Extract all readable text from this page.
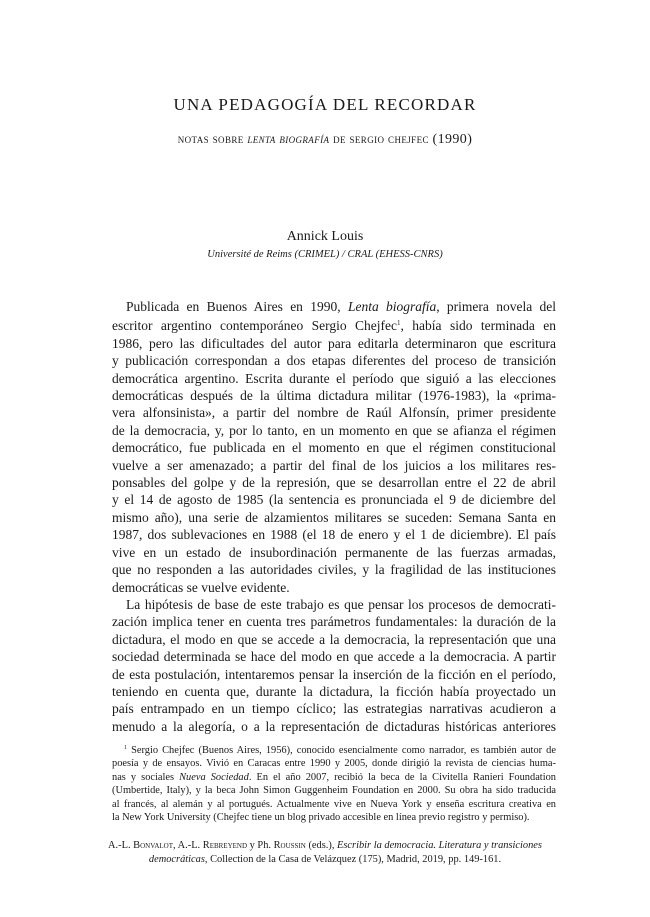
UNA PEDAGOGÍA DEL RECORDAR
notas sobre lenta biografía de sergio chejfec (1990)
Annick Louis
Université de Reims (CRIMEL) / CRAL (EHESS-CNRS)
Publicada en Buenos Aires en 1990, Lenta biografía, primera novela del
escritor argentino contemporáneo Sergio Chejfec$^1$, había sido terminada en
1986, pero las dificultades del autor para editarla determinaron que escritura
y publicación correspondan a dos etapas diferentes del proceso de transición
democrática argentino. Escrita durante el período que siguió a las elecciones
democráticas después de la última dictadura militar (1976-1983), la «prima-
vera alfonsinista», a partir del nombre de Raúl Alfonsín, primer presidente
de la democracia, y, por lo tanto, en un momento en que se afianza el régimen
democrático, fue publicada en el momento en que el régimen constitucional
vuelve a ser amenazado; a partir del final de los juicios a los militares res-
ponsables del golpe y de la represión, que se desarrollan entre el 22 de abril
y el 14 de agosto de 1985 (la sentencia es pronunciada el 9 de diciembre del
mismo año), una serie de alzamientos militares se suceden: Semana Santa en
1987, dos sublevaciones en 1988 (el 18 de enero y el 1 de diciembre). El país
vive en un estado de insubordinación permanente de las fuerzas armadas,
que no responden a las autoridades civiles, y la fragilidad de las instituciones
democráticas se vuelve evidente.
La hipótesis de base de este trabajo es que pensar los procesos de democrati-
zación implica tener en cuenta tres parámetros fundamentales: la duración de la
dictadura, el modo en que se accede a la democracia, la representación que una
sociedad determinada se hace del modo en que accede a la democracia. A partir
de esta postulación, intentaremos pensar la inserción de la ficción en el período,
teniendo en cuenta que, durante la dictadura, la ficción había proyectado un
país entrampado en un tiempo cíclico; las estrategias narrativas acudieron a
menudo a la alegoría, o a la representación de dictaduras históricas anteriores
$^1$ Sergio Chejfec (Buenos Aires, 1956), conocido esencialmente como narrador, es también autor de
poesía y de ensayos. Vivió en Caracas entre 1990 y 2005, donde dirigió la revista de ciencias huma-
nas y sociales Nueva Sociedad. En el año 2007, recibió la beca de la Civitella Ranieri Foundation
(Umbertide, Italy), y la beca John Simon Guggenheim Foundation en 2000. Su obra ha sido traducida
al francés, al alemán y al portugués. Actualmente vive en Nueva York y enseña escritura creativa en
la New York University (Chejfec tiene un blog privado accesible en línea previo registro y permiso).
A.-L. Bonvalot, A.-L. Rebreyend y Ph. Roussin (eds.), Escribir la democracia. Literatura y transiciones
democráticas, Collection de la Casa de Velázquez (175), Madrid, 2019, pp. 149-161.
